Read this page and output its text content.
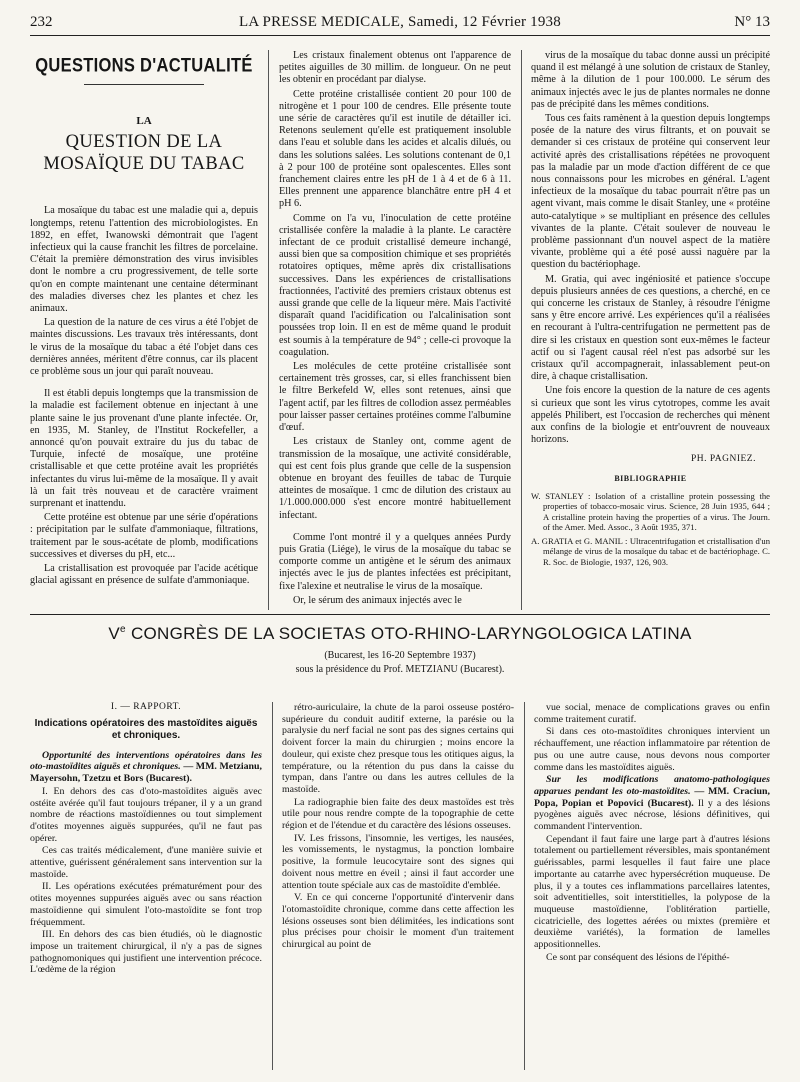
232	LA PRESSE MEDICALE, Samedi, 12 Février 1938	N° 13
QUESTIONS D'ACTUALITÉ
LA
QUESTION DE LA MOSAÏQUE DU TABAC

La mosaïque du tabac est une maladie qui a, depuis longtemps, retenu l'attention des microbiologistes. En 1892, en effet, Iwanowski démontrait que l'agent infectieux qui la cause franchit les filtres de porcelaine. C'était la première démonstration des virus invisibles dont le nombre a cru progressivement, de telle sorte qu'on en compte maintenant une centaine déterminant des maladies diverses chez les plantes et chez les animaux.

La question de la nature de ces virus a été l'objet de maintes discussions. Les travaux très intéressants, dont le virus de la mosaïque du tabac a été l'objet dans ces dernières années, méritent d'être connus, car ils placent ce problème sous un jour qui paraît nouveau.

Il est établi depuis longtemps que la transmission de la maladie est facilement obtenue en injectant à une plante saine le jus provenant d'une plante infectée. Or, en 1935, M. Stanley, de l'Institut Rockefeller, a annoncé qu'on pouvait extraire du jus du tabac de Turquie, infecté de mosaïque, une protéine cristallisable et que cette protéine avait les propriétés infectantes du virus lui-même de la mosaïque. Il y avait là un fait très nouveau et de caractère vraiment surprenant et inattendu.

Cette protéine est obtenue par une série d'opérations : précipitation par le sulfate d'ammoniaque, filtrations, traitement par le sous-acétate de plomb, modifications successives et diverses du pH, etc...

La cristallisation est provoquée par l'acide acétique glacial agissant en présence de sulfate d'ammoniaque.

Les cristaux finalement obtenus ont l'apparence de petites aiguilles de 30 millim. de longueur. On ne peut les obtenir en procédant par dialyse.

Cette protéine cristallisée contient 20 pour 100 de nitrogène et 1 pour 100 de cendres. Elle présente toute une série de caractères qu'il est inutile de détailler ici. Retenons seulement qu'elle est pratiquement insoluble dans l'eau et soluble dans les acides et alcalis dilués, ou dans les solutions salées. Les solutions contenant de 0,1 à 2 pour 100 de protéine sont opalescentes. Elles sont franchement claires entre les pH de 1 à 4 et de 6 à 11. Elles prennent une apparence blanchâtre entre pH 4 et pH 6.

Comme on l'a vu, l'inoculation de cette protéine cristallisée confère la maladie à la plante. Le caractère infectant de ce produit cristallisé demeure inchangé, aussi bien que sa composition chimique et ses propriétés rotatoires optiques, même après dix cristallisations successives. Dans les expériences de cristallisations fractionnées, l'activité des premiers cristaux obtenus est aussi grande que celle de la liqueur mère. Mais l'activité disparaît quand l'acidification ou l'alcalinisation sont poussées trop loin. Il en est de même quand le produit est soumis à la température de 94° ; celle-ci provoque la coagulation.

Les molécules de cette protéine cristallisée sont certainement très grosses, car, si elles franchissent bien le filtre Berkefeld W, elles sont retenues, ainsi que l'agent actif, par les filtres de collodion assez perméables pour laisser passer certaines protéines comme l'albumine d'œuf.

Les cristaux de Stanley ont, comme agent de transmission de la mosaïque, une activité considérable, qui est cent fois plus grande que celle de la suspension obtenue en broyant des feuilles de tabac de Turquie atteintes de mosaïque. 1 cmc de dilution des cristaux au 1/1.000.000.000 s'est encore montré habituellement infectant.

Comme l'ont montré il y a quelques années Purdy puis Gratia (Liége), le virus de la mosaïque du tabac se comporte comme un antigène et le sérum des animaux injectés avec le jus de plantes infectées est précipitant, fixe l'alexine et neutralise le virus de la mosaïque.

Or, le sérum des animaux injectés avec le

virus de la mosaïque du tabac donne aussi un précipité quand il est mélangé à une solution de cristaux de Stanley, même à la dilution de 1 pour 100.000. Le sérum des animaux injectés avec le jus de plantes normales ne donne pas de précipité dans les mêmes conditions.

Tous ces faits ramènent à la question depuis longtemps posée de la nature des virus filtrants, et on pouvait se demander si ces cristaux de protéine qui conservent leur activité après des cristallisations répétées ne provoquent pas la maladie par un mode d'action différent de ce que nous connaissons pour les microbes en général. L'agent infectieux de la mosaïque du tabac pourrait n'être pas un agent vivant, mais comme le disait Stanley, une « protéine auto-catalytique » se multipliant en présence des cellules vivantes de la plante. C'était soulever de nouveau le problème passionnant d'un nouvel aspect de la matière vivante, problème qui a été posé aussi naguère par la question du bactériophage.

M. Gratia, qui avec ingéniosité et patience s'occupe depuis plusieurs années de ces questions, a cherché, en ce qui concerne les cristaux de Stanley, à résoudre l'énigme sans y être encore arrivé. Les expériences qu'il a réalisées en recourant à l'ultra-centrifugation ne permettent pas de dire si les cristaux en question sont eux-mêmes le facteur actif ou si l'agent causal réel n'est pas adsorbé sur les cristaux qu'il accompagnerait, inlassablement peut-on dire, à chaque cristallisation.

Une fois encore la question de la nature de ces agents si curieux que sont les virus cytotropes, comme les avait appelés Philibert, est l'occasion de recherches qui mènent aux confins de la biologie et entr'ouvrent de nouveaux horizons.

PH. PAGNIEZ.
BIBLIOGRAPHIE
W. STANLEY : Isolation of a cristalline protein possessing the properties of tobacco-mosaic virus. Science, 28 Juin 1935, 644 ; A cristalline protein having the properties of a virus. The Journ. of the Amer. Med. Assoc., 3 Août 1935, 371.
A. GRATIA et G. MANIL : Ultracentrifugation et cristallisation d'un mélange de virus de la mosaïque du tabac et de bactériophage. C. R. Soc. de Biologie, 1937, 126, 903.
Ve CONGRÈS DE LA SOCIETAS OTO-RHINO-LARYNGOLOGICA LATINA
(Bucarest, les 16-20 Septembre 1937)
sous la présidence du Prof. METZIANU (Bucarest).
I. — RAPPORT.
Indications opératoires des mastoïdites aiguës et chroniques.

Opportunité des interventions opératoires dans les oto-mastoïdites aiguës et chroniques. — MM. Metzianu, Mayersohn, Tzetzu et Bors (Bucarest).

I. En dehors des cas d'oto-mastoïdites aiguës avec ostéite avérée qu'il faut toujours trépaner, il y a un grand nombre de réactions mastoïdiennes ou tout simplement d'otites moyennes aiguës suppurées, qu'il ne faut pas opérer.

Ces cas traités médicalement, d'une manière suivie et attentive, guérissent généralement sans intervention sur la mastoïde.

II. Les opérations exécutées prématurément pour des otites moyennes suppurées aiguës avec ou sans réaction mastoïdienne qui simulent l'oto-mastoïdite se font trop fréquemment.

III. En dehors des cas bien étudiés, où le diagnostic impose un traitement chirurgical, il n'y a pas de signes pathognomoniques qui justifient une intervention précoce. L'œdème de la région

rétro-auriculaire, la chute de la paroi osseuse postéro-supérieure du conduit auditif externe, la parésie ou la paralysie du nerf facial ne sont pas des signes certains qui doivent forcer la main du chirurgien ; moins encore la douleur, qui existe chez presque tous les otitiques aigus, la température, ou la rétention du pus dans la caisse du tympan, dans l'antre ou dans les autres cellules de la mastoïde.

La radiographie bien faite des deux mastoïdes est très utile pour nous rendre compte de la topographie de cette région et de l'étendue et du caractère des lésions osseuses.

IV. Les frissons, l'insomnie, les vertiges, les nausées, les vomissements, le nystagmus, la ponction lombaire positive, la formule leucocytaire sont des signes qui doivent nous mettre en éveil ; ainsi il faut accorder une attention toute spéciale aux cas de mastoïdite d'emblée.

V. En ce qui concerne l'opportunité d'intervenir dans l'otomastoïdite chronique, comme dans cette affection les lésions osseuses sont bien délimitées, les indications sont plus précises pour choisir le moment d'un traitement chirurgical au point de

vue social, menace de complications graves ou enfin comme traitement curatif.

Si dans ces oto-mastoïdites chroniques intervient un réchauffement, une réaction inflammatoire par rétention de pus ou une autre cause, nous devons nous comporter comme dans les mastoïdites aiguës.

Sur les modifications anatomo-pathologiques apparues pendant les oto-mastoïdites. — MM. Craciun, Popa, Popian et Popovici (Bucarest). Il y a des lésions pyogènes aiguës avec nécrose, lésions définitives, qui commandent l'intervention.

Cependant il faut faire une large part à d'autres lésions totalement ou partiellement réversibles, mais spontanément guérissables, parmi lesquelles il faut faire une place importante au catarrhe avec hypersécrétion muqueuse. De plus, il y a toutes ces inflammations parcellaires latentes, soit adventitielles, soit interstitielles, la polypose de la muqueuse mastoïdienne, l'oblitération partielle, cicatricielle, des logettes aérées ou mixtes (première et deuxième variétés), la formation de lamelles appositionnelles.

Ce sont par conséquent des lésions de l'épithé-
